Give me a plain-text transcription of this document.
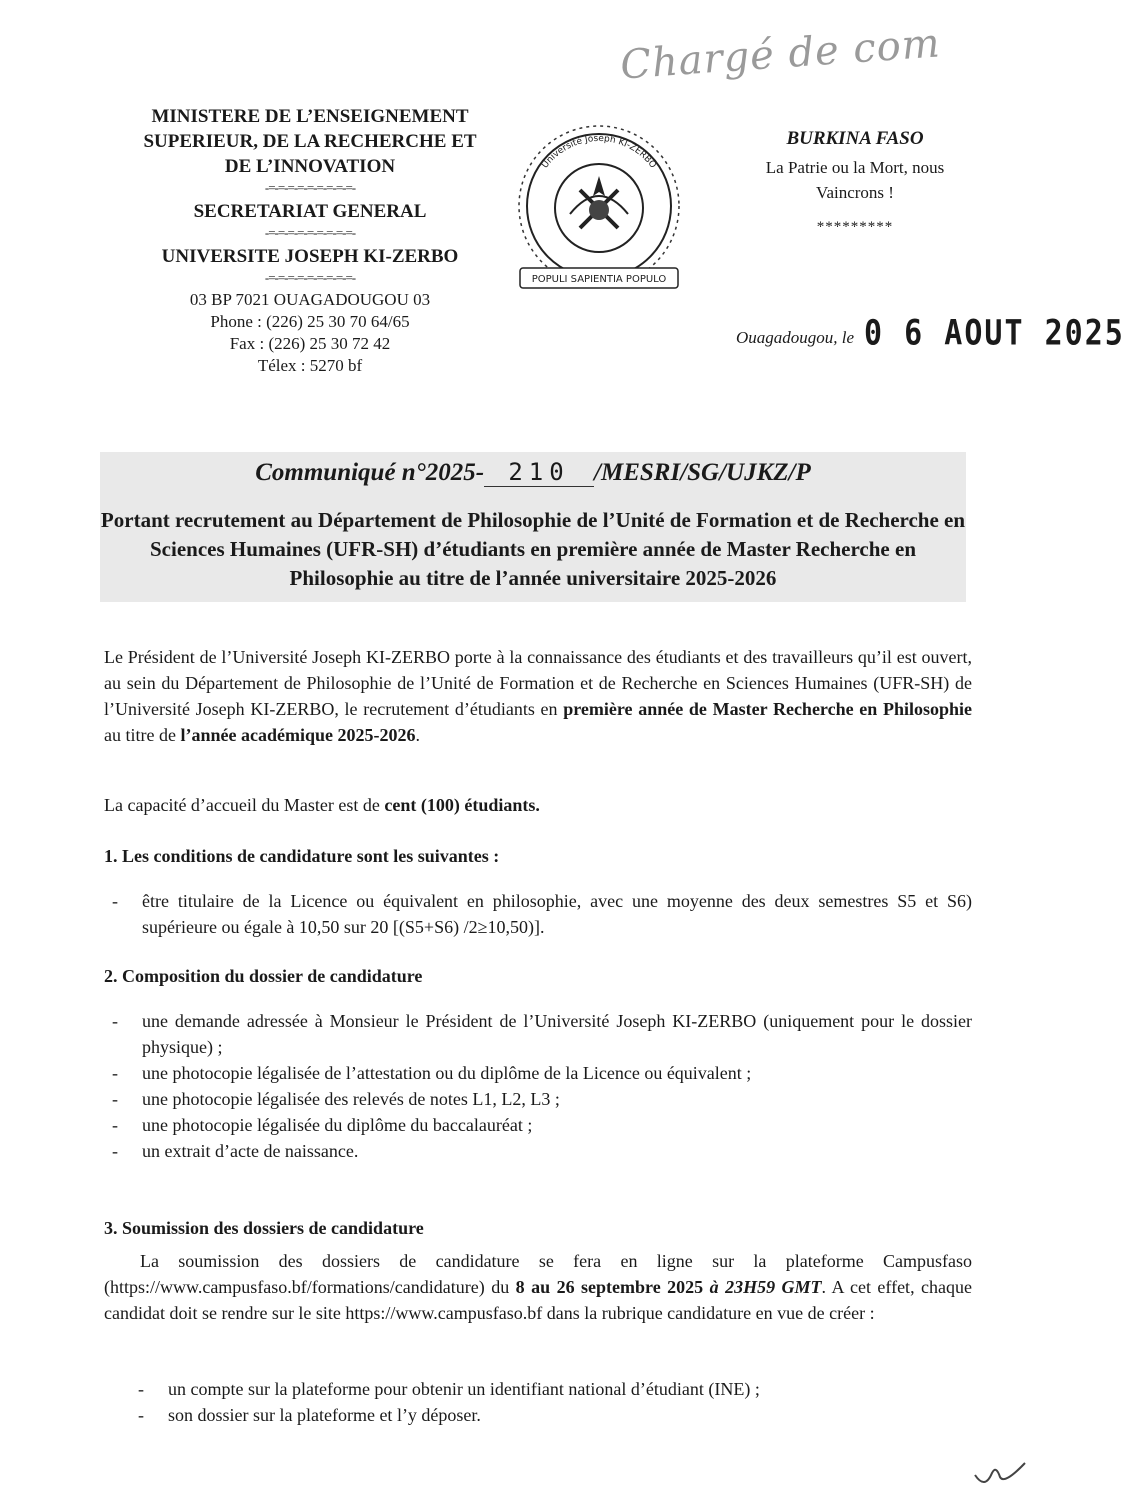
Chargé de com
MINISTERE DE L’ENSEIGNEMENT
SUPERIEUR, DE LA RECHERCHE ET
DE L’INNOVATION
-=-=-=-=-=-=-=-=-=-
SECRETARIAT GENERAL
-=-=-=-=-=-=-=-=-=-
UNIVERSITE JOSEPH KI-ZERBO
-=-=-=-=-=-=-=-=-=-
03 BP 7021 OUAGADOUGOU 03
Phone : (226) 25 30 70 64/65
Fax : (226) 25 30 72 42
Télex : 5270 bf
Université Joseph KI-ZERBO
POPULI SAPIENTIA POPULO
BURKINA FASO
La Patrie ou la Mort, nous
Vaincrons !
*********
Ouagadougou, le 0 6 AOUT 2025
Communiqué n°2025- 210 /MESRI/SG/UJKZ/P
Portant recrutement au Département de Philosophie de l’Unité de Formation et de Recherche en Sciences Humaines (UFR-SH) d’étudiants en première année de Master Recherche en Philosophie au titre de l’année universitaire 2025-2026
Le Président de l’Université Joseph KI-ZERBO porte à la connaissance des étudiants et des travailleurs qu’il est ouvert, au sein du Département de Philosophie de l’Unité de Formation et de Recherche en Sciences Humaines (UFR-SH) de l’Université Joseph KI-ZERBO, le recrutement d’étudiants en première année de Master Recherche en Philosophie au titre de l’année académique 2025-2026.
La capacité d’accueil du Master est de cent (100) étudiants.
1. Les conditions de candidature sont les suivantes :
- être titulaire de la Licence ou équivalent en philosophie, avec une moyenne des deux semestres S5 et S6) supérieure ou égale à 10,50 sur 20 [(S5+S6) /2≥10,50)].
2. Composition du dossier de candidature
- une demande adressée à Monsieur le Président de l’Université Joseph KI-ZERBO (uniquement pour le dossier physique) ;
- une photocopie légalisée de l’attestation ou du diplôme de la Licence ou équivalent ;
- une photocopie légalisée des relevés de notes L1, L2, L3 ;
- une photocopie légalisée du diplôme du baccalauréat ;
- un extrait d’acte de naissance.
3. Soumission des dossiers de candidature
La soumission des dossiers de candidature se fera en ligne sur la plateforme Campusfaso (https://www.campusfaso.bf/formations/candidature) du 8 au 26 septembre 2025 à 23H59 GMT. A cet effet, chaque candidat doit se rendre sur le site https://www.campusfaso.bf dans la rubrique candidature en vue de créer :
- un compte sur la plateforme pour obtenir un identifiant national d’étudiant (INE) ;
- son dossier sur la plateforme et l’y déposer.
